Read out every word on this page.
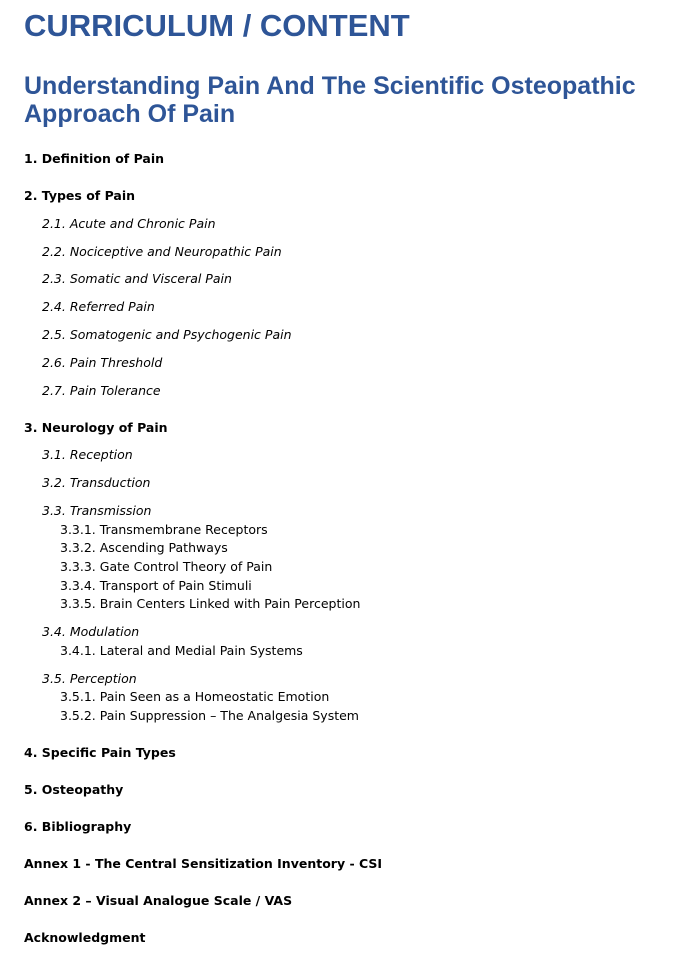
CURRICULUM / CONTENT
Understanding Pain And The Scientific Osteopathic Approach Of Pain
1. Definition of Pain
2. Types of Pain
2.1. Acute and Chronic Pain
2.2. Nociceptive and Neuropathic Pain
2.3. Somatic and Visceral Pain
2.4. Referred Pain
2.5. Somatogenic and Psychogenic Pain
2.6. Pain Threshold
2.7. Pain Tolerance
3. Neurology of Pain
3.1. Reception
3.2. Transduction
3.3. Transmission
3.3.1. Transmembrane Receptors
3.3.2. Ascending Pathways
3.3.3. Gate Control Theory of Pain
3.3.4. Transport of Pain Stimuli
3.3.5. Brain Centers Linked with Pain Perception
3.4. Modulation
3.4.1. Lateral and Medial Pain Systems
3.5. Perception
3.5.1. Pain Seen as a Homeostatic Emotion
3.5.2. Pain Suppression – The Analgesia System
4. Specific Pain Types
5. Osteopathy
6. Bibliography
Annex 1 - The Central Sensitization Inventory - CSI
Annex 2 – Visual Analogue Scale / VAS
Acknowledgment
